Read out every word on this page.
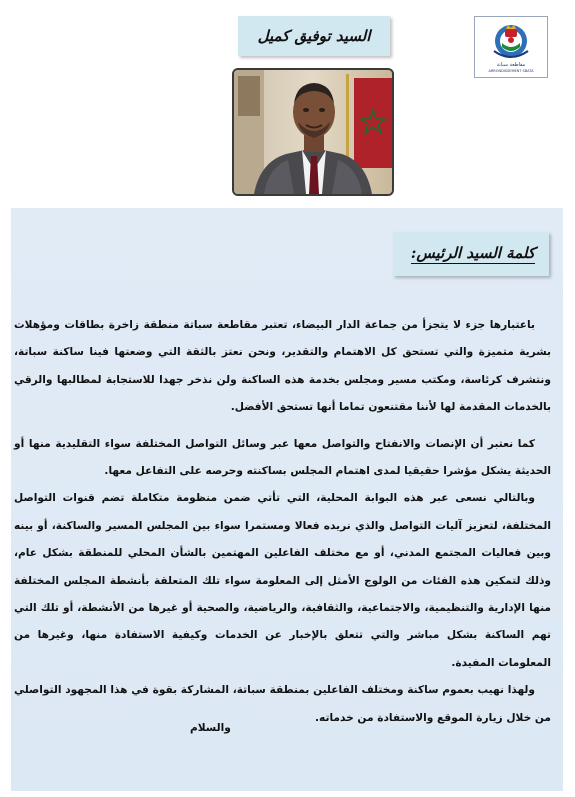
مقاطعة سباتة
ARRONDISSEMENT SBATA
السيد توفيق كميل
كلمة السيد الرئيس:

باعتبارها جزء لا يتجزأ من جماعة الدار البيضاء، تعتبر مقاطعة سباتة منطقة زاخرة بطاقات ومؤهلات بشرية متميزة والتي تستحق كل الاهتمام والتقدير، ونحن نعتز بالثقة التي وضعتها فينا ساكنة سباتة، ونتشرف كرئاسة، ومكتب مسير ومجلس بخدمة هذه الساكنة ولن نذخر جهدا للاستجابة لمطالبها والرقي بالخدمات المقدمة لها لأننا مقتنعون تماما أنها تستحق الأفضل.

كما نعتبر أن الإنصات والانفتاح والتواصل معها عبر وسائل التواصل المختلفة سواء التقليدية منها أو الحديثة يشكل مؤشرا حقيقيا لمدى اهتمام المجلس بساكنته وحرصه على التفاعل معها.

وبالتالي نسعى عبر هذه البوابة المحلية، التي تأتي ضمن منظومة متكاملة تضم قنوات التواصل المختلفة، لتعزيز آليات التواصل والذي نريده فعالا ومستمرا سواء بين المجلس المسير والساكنة، أو بينه وبين فعاليات المجتمع المدني، أو مع مختلف الفاعلين المهتمين بالشأن المحلي للمنطقة بشكل عام، وذلك لتمكين هذه الفئات من الولوج الأمثل إلى المعلومة سواء تلك المتعلقة بأنشطة المجلس المختلفة منها الإدارية والتنظيمية، والاجتماعية، والثقافية، والرياضية، والصحية أو غيرها من الأنشطة، أو تلك التي تهم الساكنة بشكل مباشر والتي تتعلق بالإخبار عن الخدمات وكيفية الاستفادة منها، وغيرها من المعلومات المفيدة.

ولهذا نهيب بعموم ساكنة ومختلف الفاعلين بمنطقة سباتة، المشاركة بقوة في هذا المجهود التواصلي من خلال زيارة الموقع والاستفادة من خدماته.

والسلام
